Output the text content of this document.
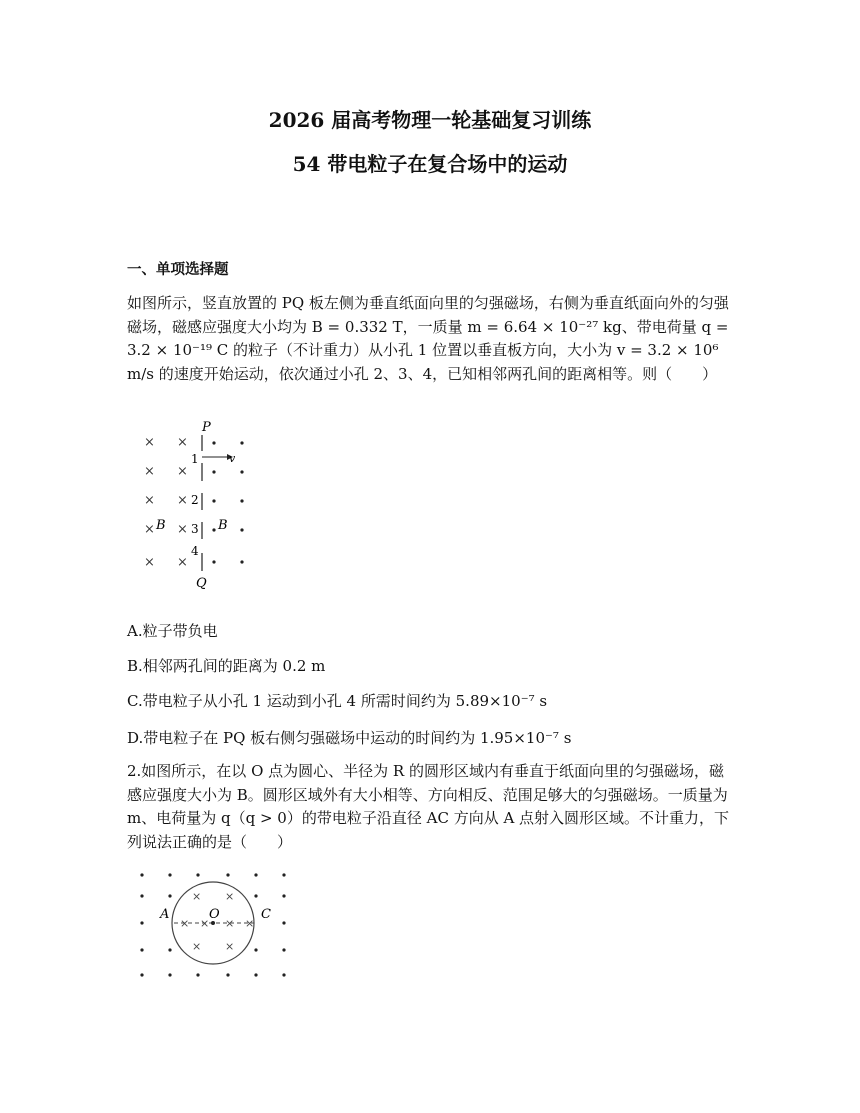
2026 届高考物理一轮基础复习训练
54 带电粒子在复合场中的运动
一、单项选择题
如图所示，竖直放置的 PQ 板左侧为垂直纸面向里的匀强磁场，右侧为垂直纸面向外的匀强磁场，磁感应强度大小均为 B = 0.332 T，一质量 m = 6.64 × 10⁻²⁷ kg、带电荷量 q = 3.2 × 10⁻¹⁹ C 的粒子（不计重力）从小孔 1 位置以垂直板方向，大小为 v = 3.2 × 10⁶ m/s 的速度开始运动，依次通过小孔 2、3、4，已知相邻两孔间的距离相等。则（　　）
× ×
× ×
× ×
× ×
× ×
P
Q
v
B	B
1
2
3
4
A.粒子带负电
B.相邻两孔间的距离为 0.2 m
C.带电粒子从小孔 1 运动到小孔 4 所需时间约为 5.89×10⁻⁷ s
D.带电粒子在 PQ 板右侧匀强磁场中运动的时间约为 1.95×10⁻⁷ s
2.如图所示，在以 O 点为圆心、半径为 R 的圆形区域内有垂直于纸面向里的匀强磁场，磁感应强度大小为 B。圆形区域外有大小相等、方向相反、范围足够大的匀强磁场。一质量为 m、电荷量为 q（q > 0）的带电粒子沿直径 AC 方向从 A 点射入圆形区域。不计重力，下列说法正确的是（　　）
× ×
× ×
× × ×
×
A	O	C
